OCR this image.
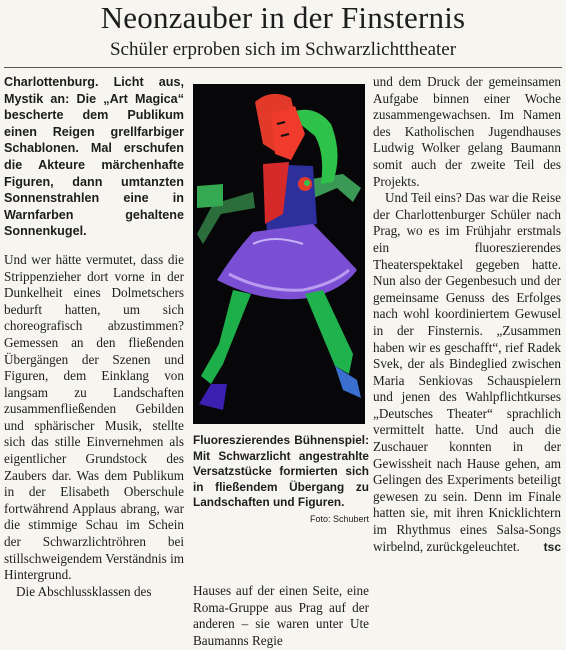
Neonzauber in der Finsternis
Schüler erproben sich im Schwarzlichttheater

Charlottenburg. Licht aus, Mystik an: Die „Art Magica“ bescherte dem Publikum einen Reigen grellfarbiger Schablonen. Mal erschufen die Akteure märchenhafte Figuren, dann umtanzten Sonnenstrahlen eine in Warnfarben gehaltene Sonnenkugel.

Und wer hätte vermutet, dass die Strippenzieher dort vorne in der Dunkelheit eines Dolmetschers bedurft hatten, um sich choreografisch abzustimmen? Gemessen an den fließenden Übergängen der Szenen und Figuren, dem Einklang von langsam zu Landschaften zusammenfließenden Gebilden und sphärischer Musik, stellte sich das stille Einvernehmen als eigentlicher Grundstock des Zaubers dar. Was dem Publikum in der Elisabeth Oberschule fortwährend Applaus abrang, war die stimmige Schau im Schein der Schwarzlichtröhren bei stillschweigendem Verständnis im Hintergrund.

Die Abschlussklassen des

Fluoreszierendes Bühnenspiel: Mit Schwarzlicht angestrahlte Versatzstücke formierten sich in fließendem Übergang zu Landschaften und Figuren.
Foto: Schubert
Hauses auf der einen Seite, eine Roma-Gruppe aus Prag auf der anderen – sie waren unter Ute Baumanns Regie

und dem Druck der gemeinsamen Aufgabe binnen einer Woche zusammengewachsen. Im Namen des Katholischen Jugendhauses Ludwig Wolker gelang Baumann somit auch der zweite Teil des Projekts.

Und Teil eins? Das war die Reise der Charlottenburger Schüler nach Prag, wo es im Frühjahr erstmals ein fluoreszierendes Theaterspektakel gegeben hatte. Nun also der Gegenbesuch und der gemeinsame Genuss des Erfolges nach wohl koordiniertem Gewusel in der Finsternis. „Zusammen haben wir es geschafft“, rief Radek Svek, der als Bindeglied zwischen Maria Senkiovas Schauspielern und jenen des Wahlpflichtkurses „Deutsches Theater“ sprachlich vermittelt hatte. Und auch die Zuschauer konnten in der Gewissheit nach Hause gehen, am Gelingen des Experiments beteiligt gewesen zu sein. Denn im Finale hatten sie, mit ihren Knicklichtern im Rhythmus eines Salsa-Songs wirbelnd, zurückgeleuchtet.	tsc
